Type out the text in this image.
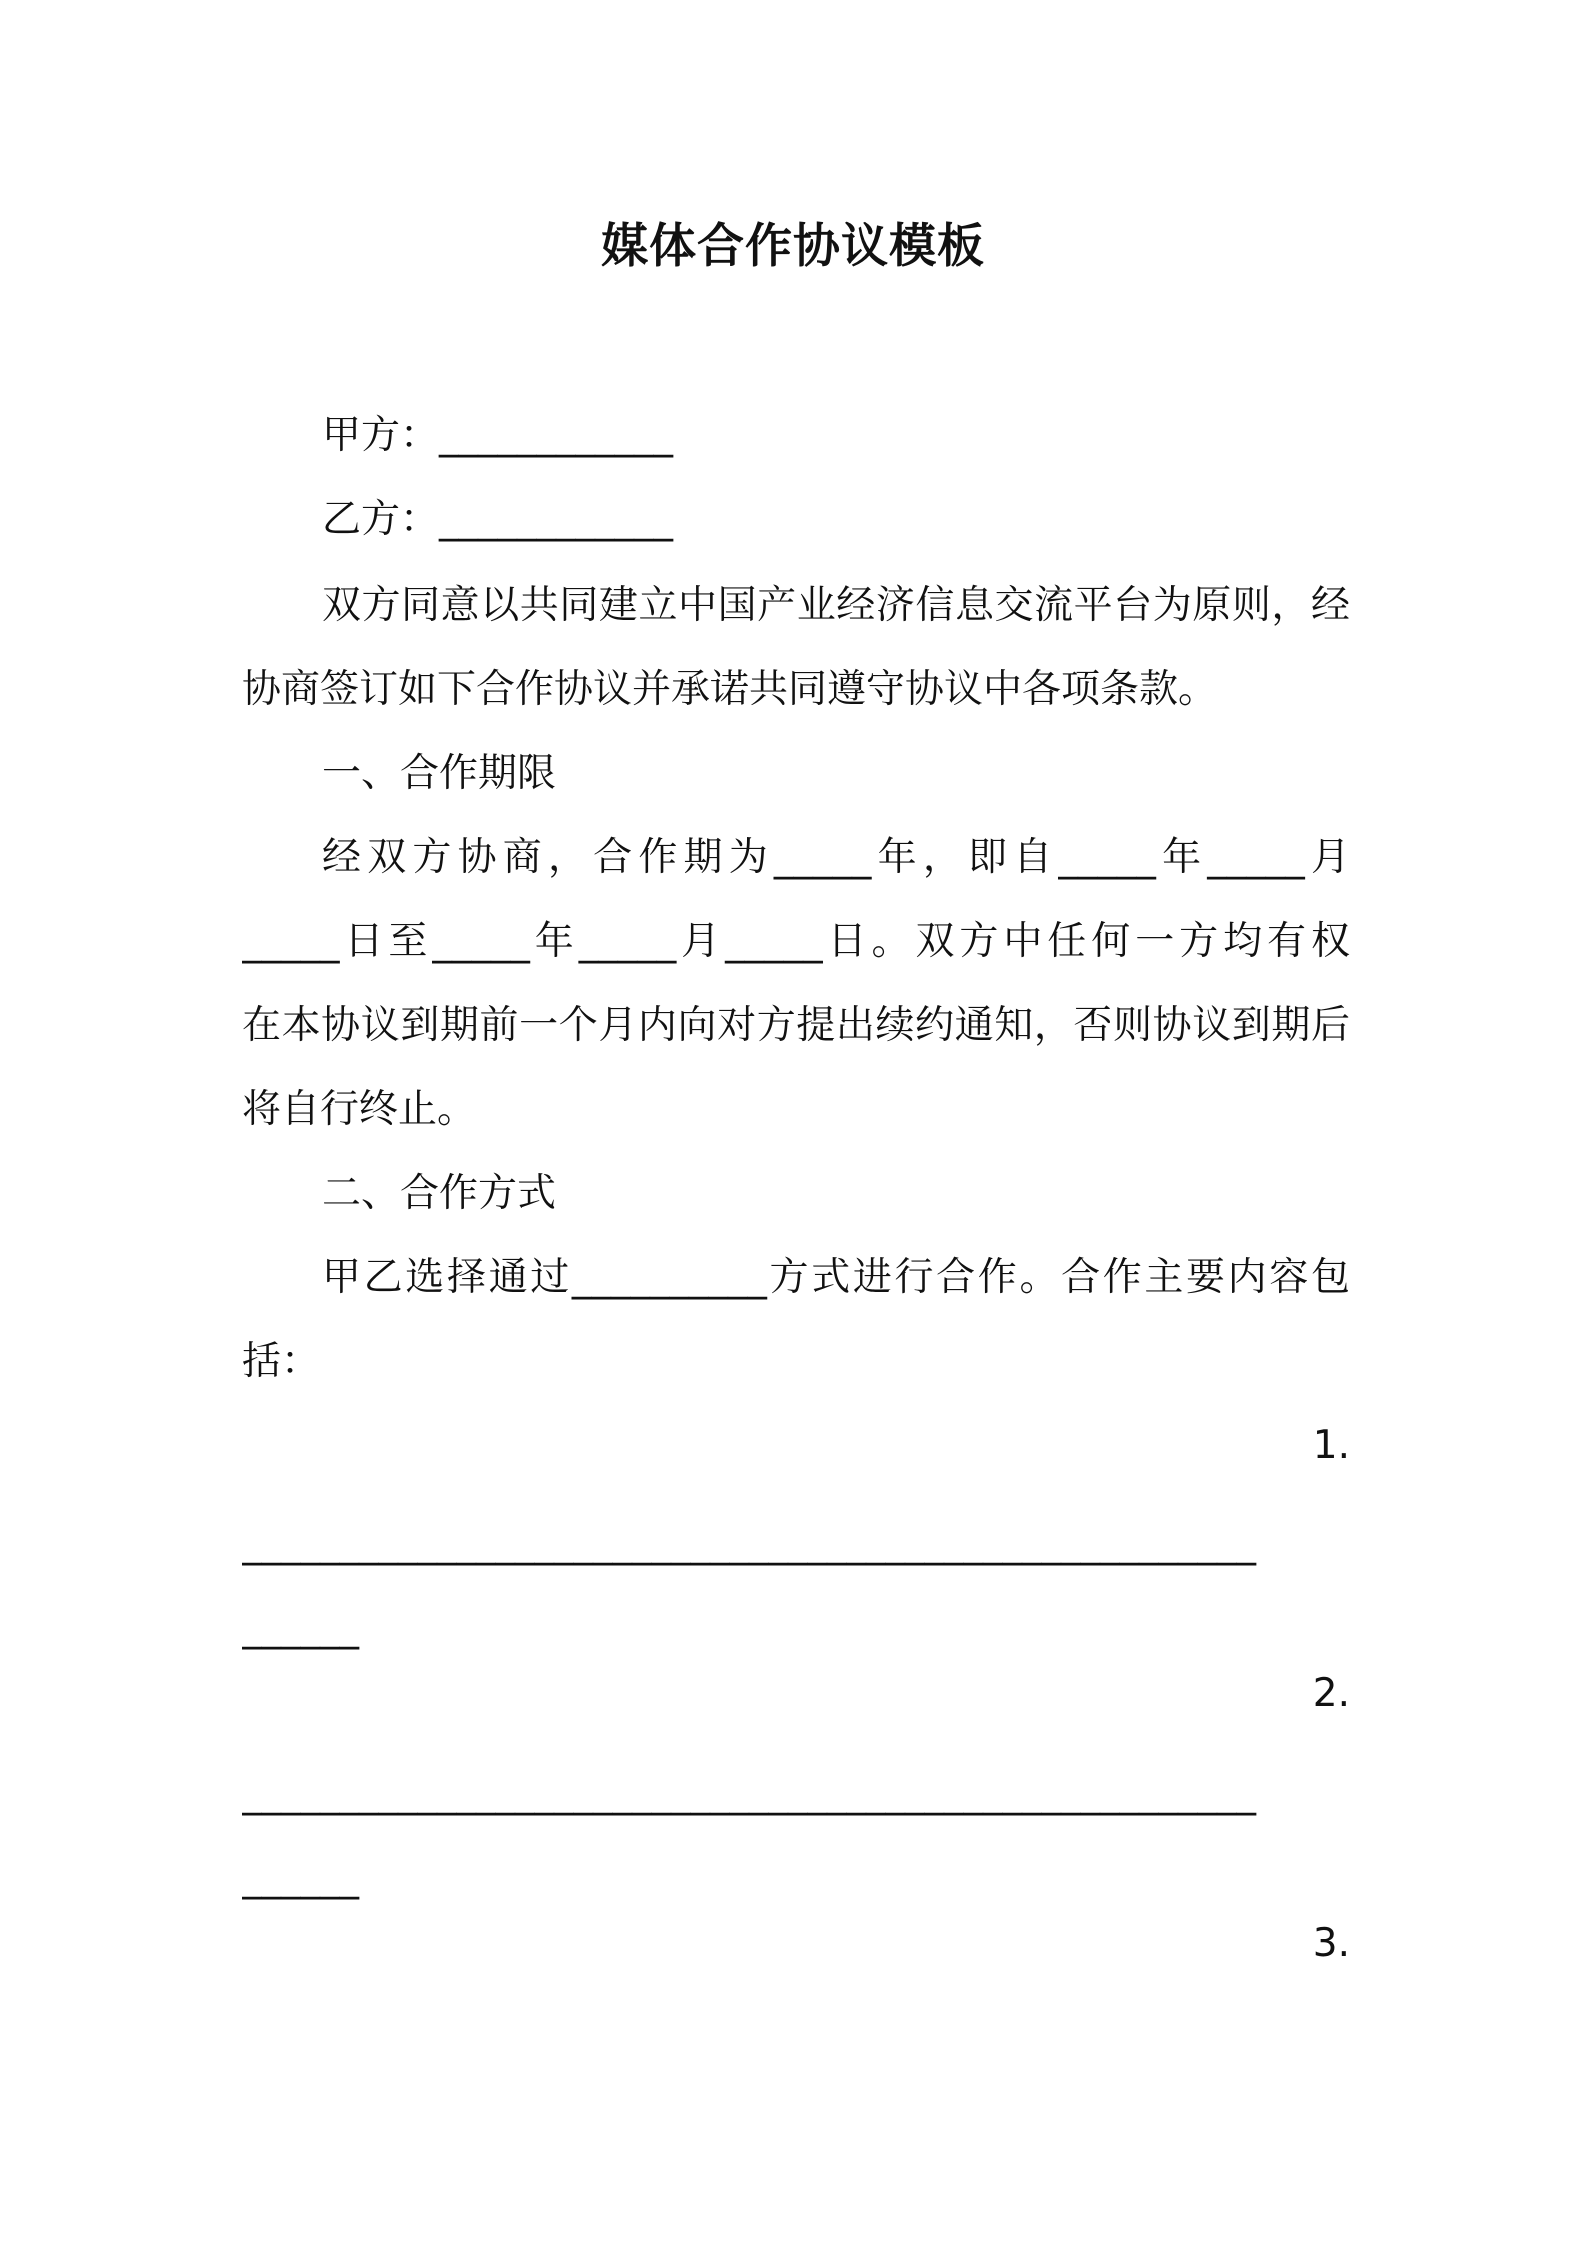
媒体合作协议模板
甲方：____________
乙方：____________
双方同意以共同建立中国产业经济信息交流平台为原则，经
协商签订如下合作协议并承诺共同遵守协议中各项条款。
一、合作期限
经双方协商，合作期为_____年，即自_____年_____月
_____日至_____年_____月_____日。双方中任何一方均有权
在本协议到期前一个月内向对方提出续约通知，否则协议到期后
将自行终止。
二、合作方式
甲乙选择通过__________方式进行合作。合作主要内容包
括：
1.
____________________________________________________
______
2.
____________________________________________________
______
3.
